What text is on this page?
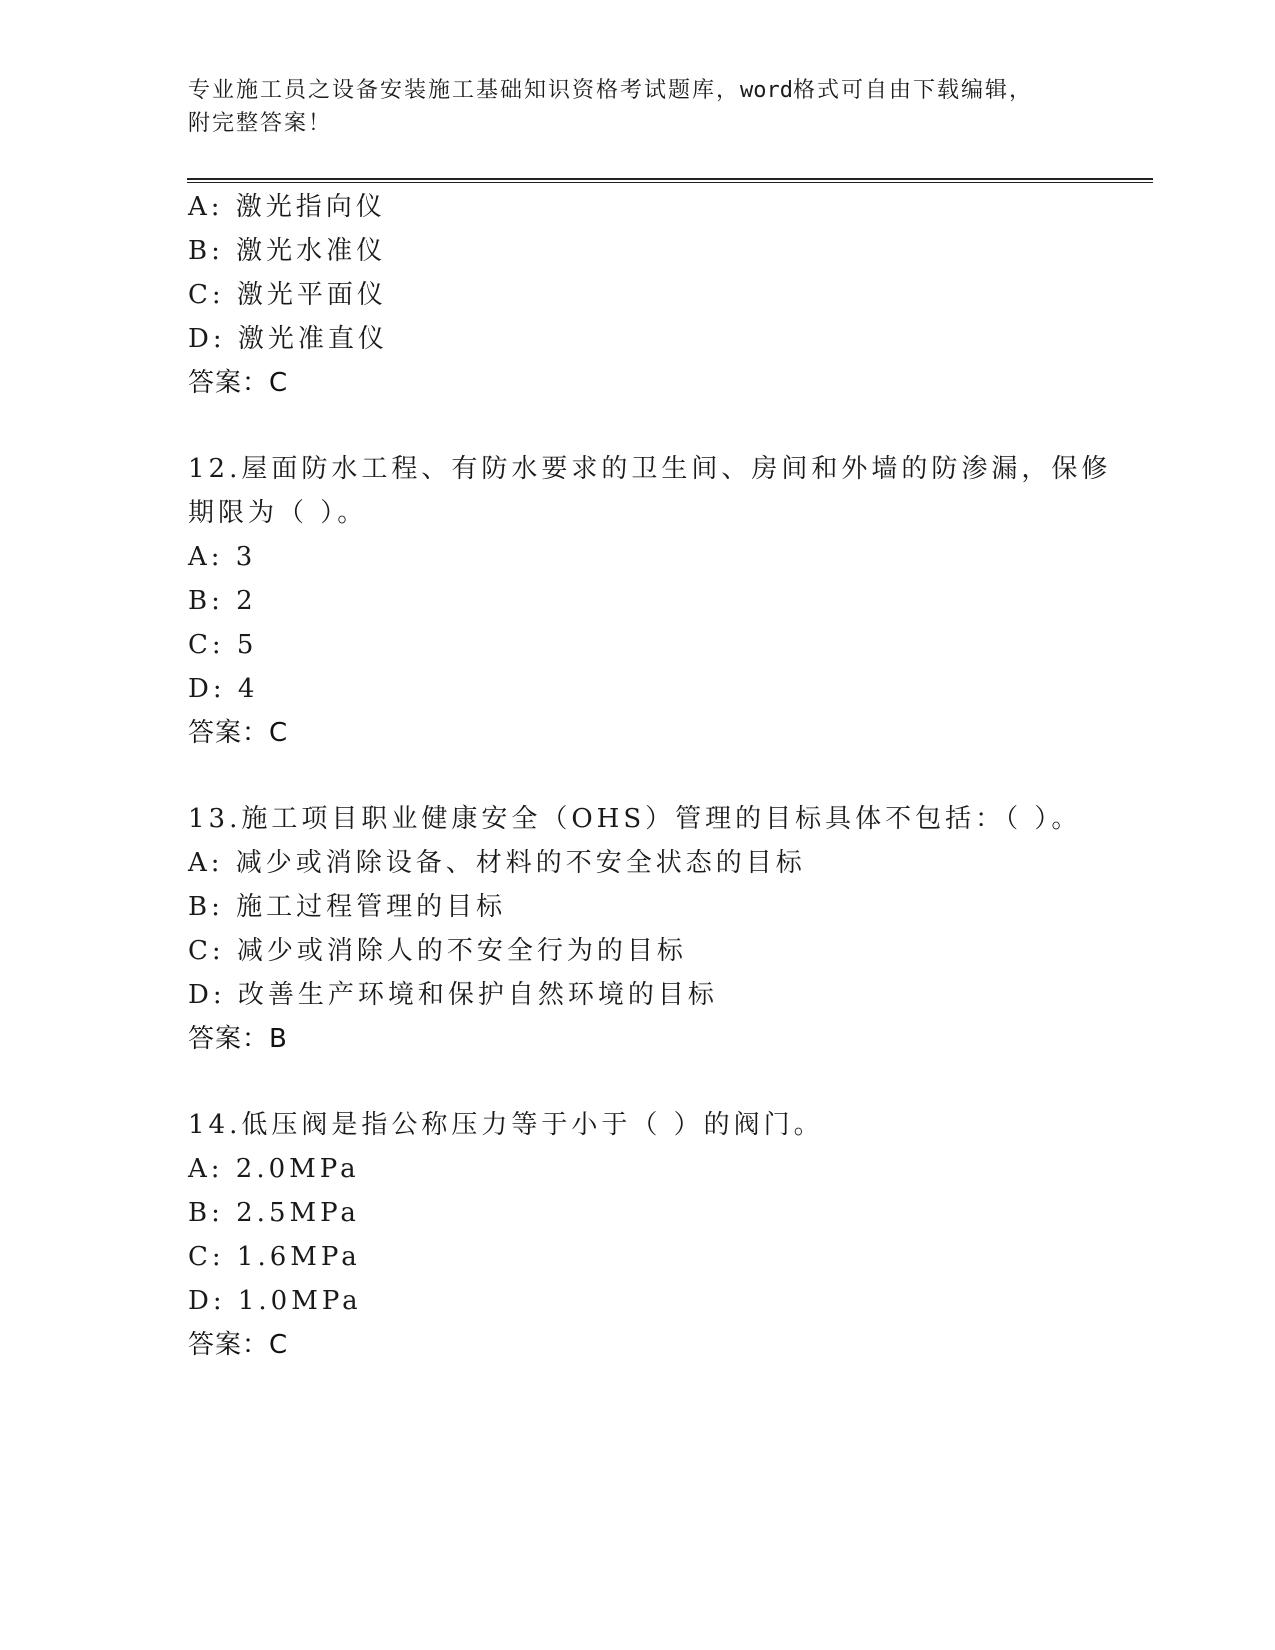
专业施工员之设备安装施工基础知识资格考试题库，word格式可自由下载编辑，
附完整答案！
A: 激光指向仪
B: 激光水准仪
C: 激光平面仪
D: 激光准直仪
答案：C
12.屋面防水工程、有防水要求的卫生间、房间和外墙的防渗漏，保修
期限为（ ）。
A: 3
B: 2
C: 5
D: 4
答案：C
13.施工项目职业健康安全（OHS）管理的目标具体不包括：（ ）。
A: 减少或消除设备、材料的不安全状态的目标
B: 施工过程管理的目标
C: 减少或消除人的不安全行为的目标
D: 改善生产环境和保护自然环境的目标
答案：B
14.低压阀是指公称压力等于小于（ ）的阀门。
A: 2.0MPa
B: 2.5MPa
C: 1.6MPa
D: 1.0MPa
答案：C
